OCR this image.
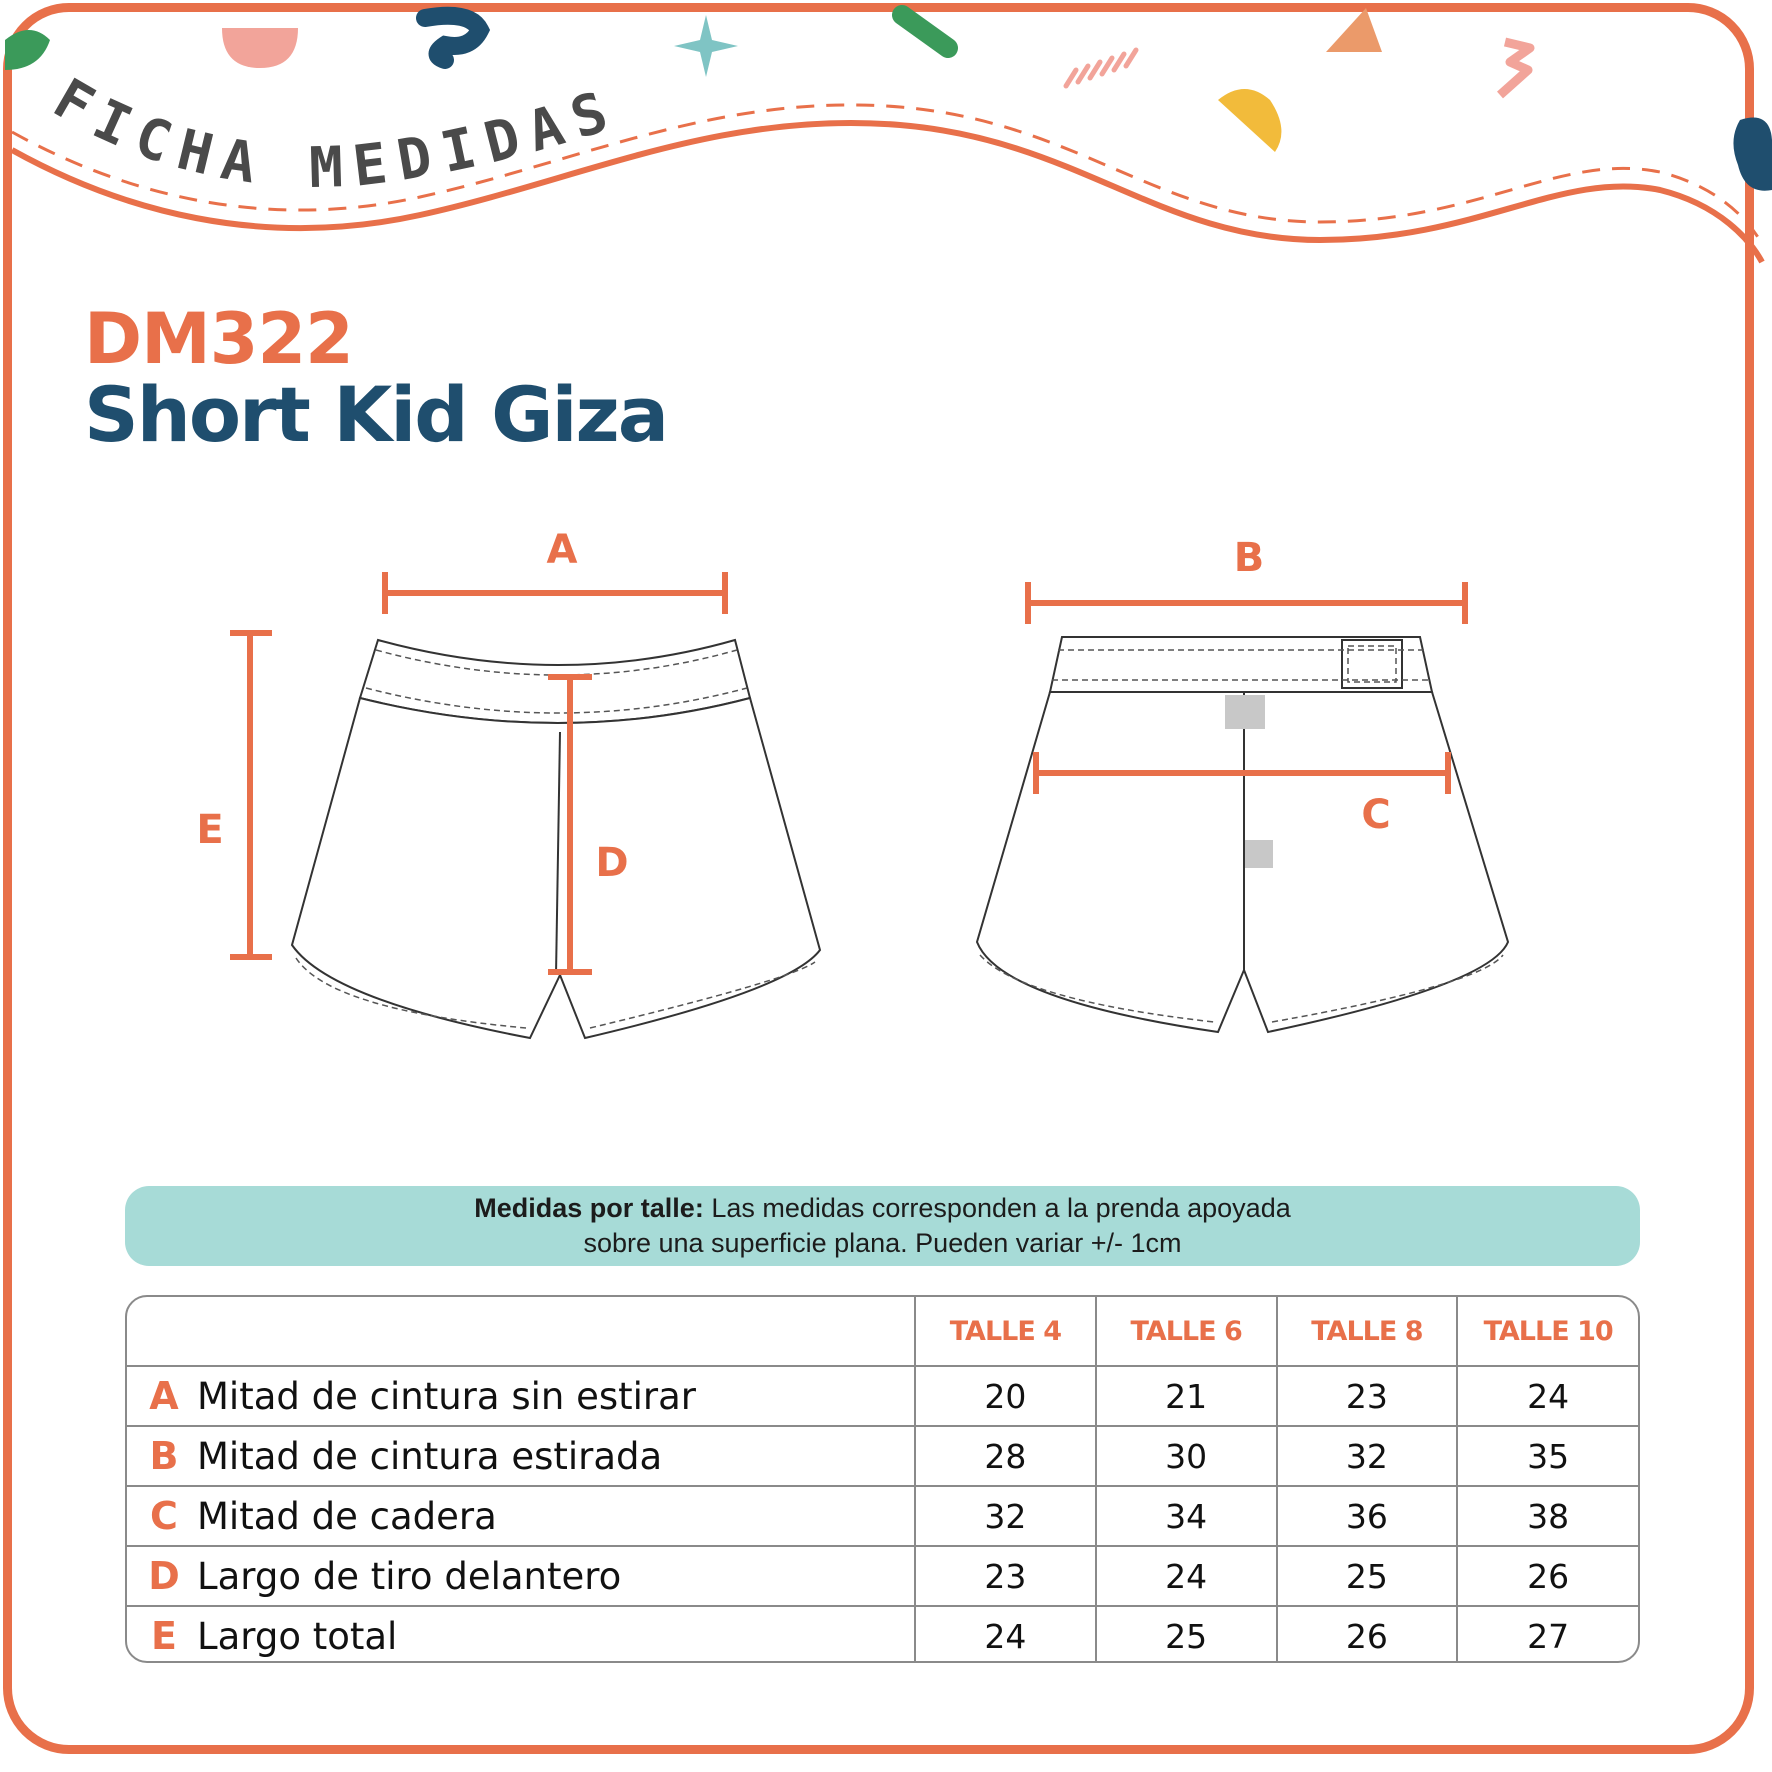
FICHA MEDIDAS
DM322
Short Kid Giza
A	B
C
D
E
Medidas por talle: Las medidas corresponden a la prenda apoyada
sobre una superficie plana. Pueden variar +/- 1cm
	TALLE 4	TALLE 6	TALLE 8	TALLE 10
A Mitad de cintura sin estirar	20	21	23	24
B Mitad de cintura estirada	28	30	32	35
C Mitad de cadera	32	34	36	38
D Largo de tiro delantero	23	24	25	26
E Largo total	24	25	26	27
